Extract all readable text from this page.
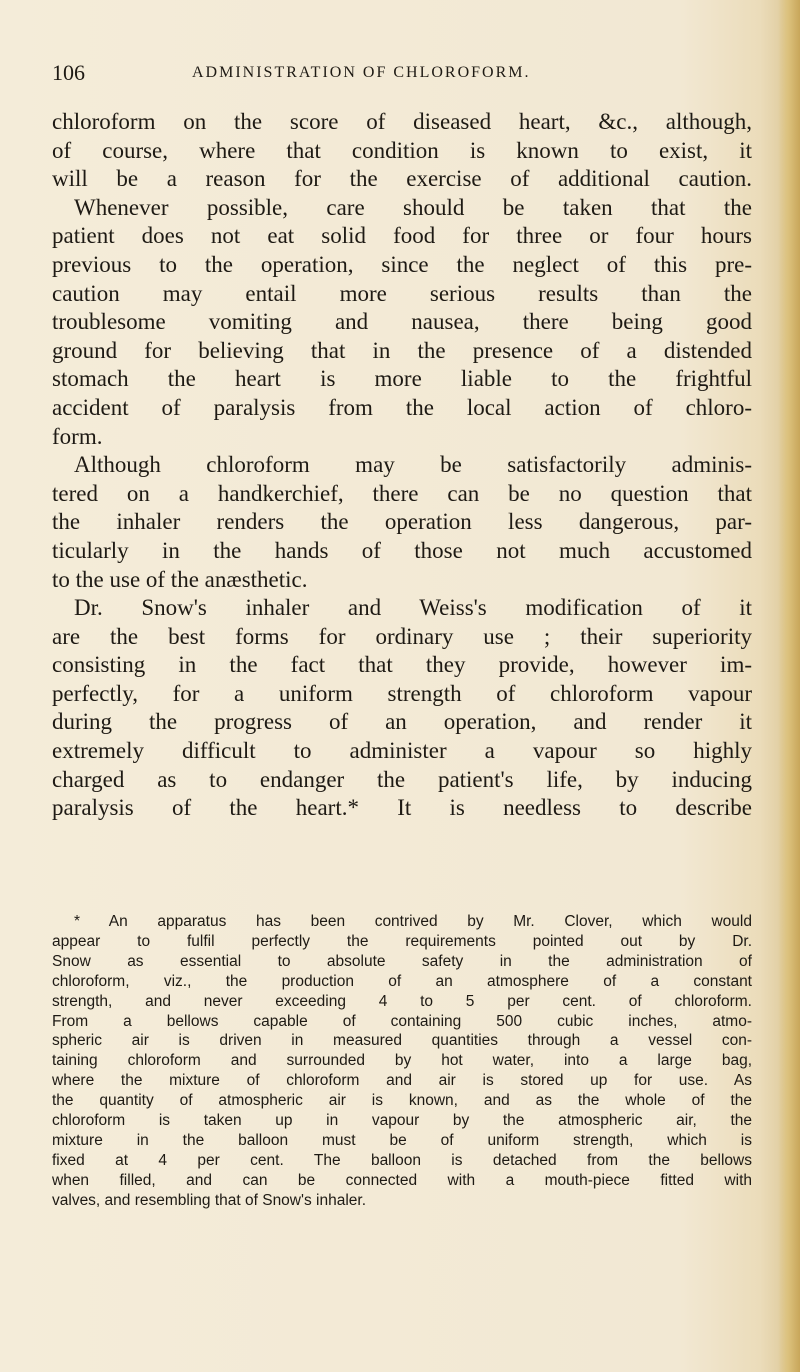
106	ADMINISTRATION OF CHLOROFORM.
chloroform on the score of diseased heart, &c., although,
of course, where that condition is known to exist, it
will be a reason for the exercise of additional caution.
Whenever possible, care should be taken that the
patient does not eat solid food for three or four hours
previous to the operation, since the neglect of this pre-
caution may entail more serious results than the
troublesome vomiting and nausea, there being good
ground for believing that in the presence of a distended
stomach the heart is more liable to the frightful
accident of paralysis from the local action of chloro-
form.
Although chloroform may be satisfactorily adminis-
tered on a handkerchief, there can be no question that
the inhaler renders the operation less dangerous, par-
ticularly in the hands of those not much accustomed
to the use of the anæsthetic.
Dr. Snow's inhaler and Weiss's modification of it
are the best forms for ordinary use ; their superiority
consisting in the fact that they provide, however im-
perfectly, for a uniform strength of chloroform vapour
during the progress of an operation, and render it
extremely difficult to administer a vapour so highly
charged as to endanger the patient's life, by inducing
paralysis of the heart.* It is needless to describe
* An apparatus has been contrived by Mr. Clover, which would
appear to fulfil perfectly the requirements pointed out by Dr.
Snow as essential to absolute safety in the administration of
chloroform, viz., the production of an atmosphere of a constant
strength, and never exceeding 4 to 5 per cent. of chloroform.
From a bellows capable of containing 500 cubic inches, atmo-
spheric air is driven in measured quantities through a vessel con-
taining chloroform and surrounded by hot water, into a large bag,
where the mixture of chloroform and air is stored up for use. As
the quantity of atmospheric air is known, and as the whole of the
chloroform is taken up in vapour by the atmospheric air, the
mixture in the balloon must be of uniform strength, which is
fixed at 4 per cent. The balloon is detached from the bellows
when filled, and can be connected with a mouth-piece fitted with
valves, and resembling that of Snow's inhaler.
